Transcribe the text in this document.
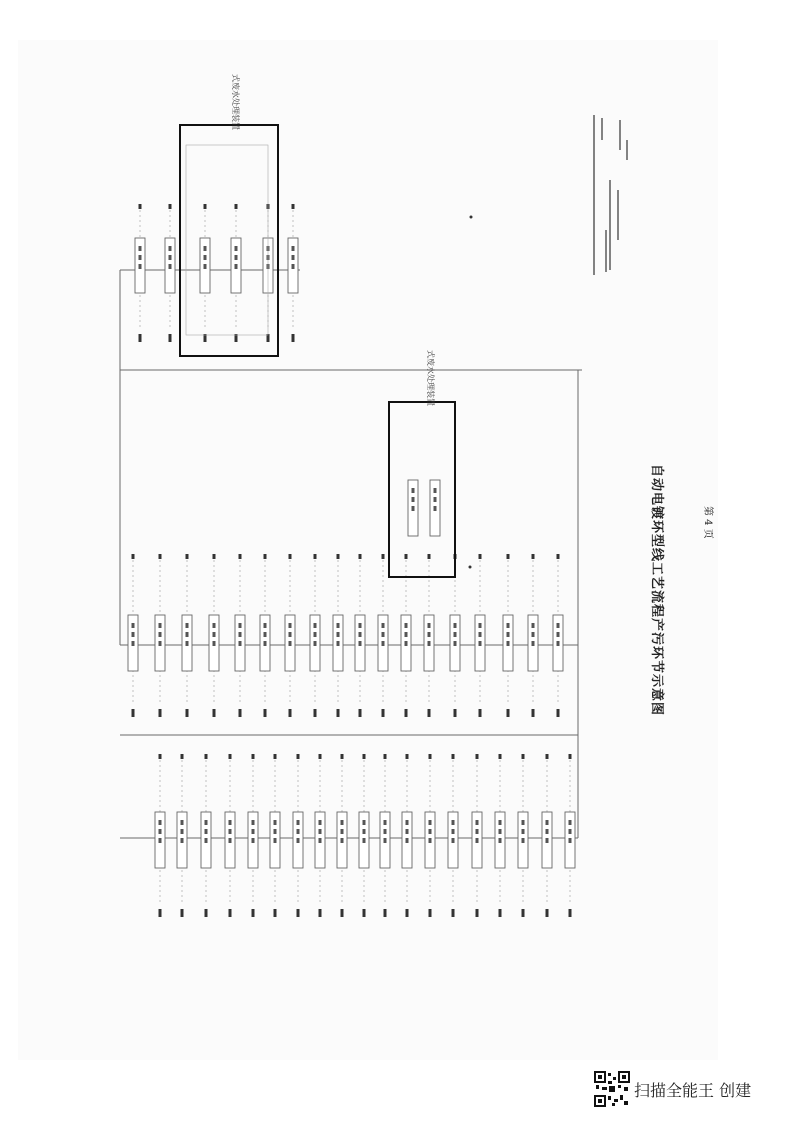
式废水处理装置
式废水处理装置
自动电镀环型线工艺流程产污环节示意图	第 4 页
扫描全能王 创建
